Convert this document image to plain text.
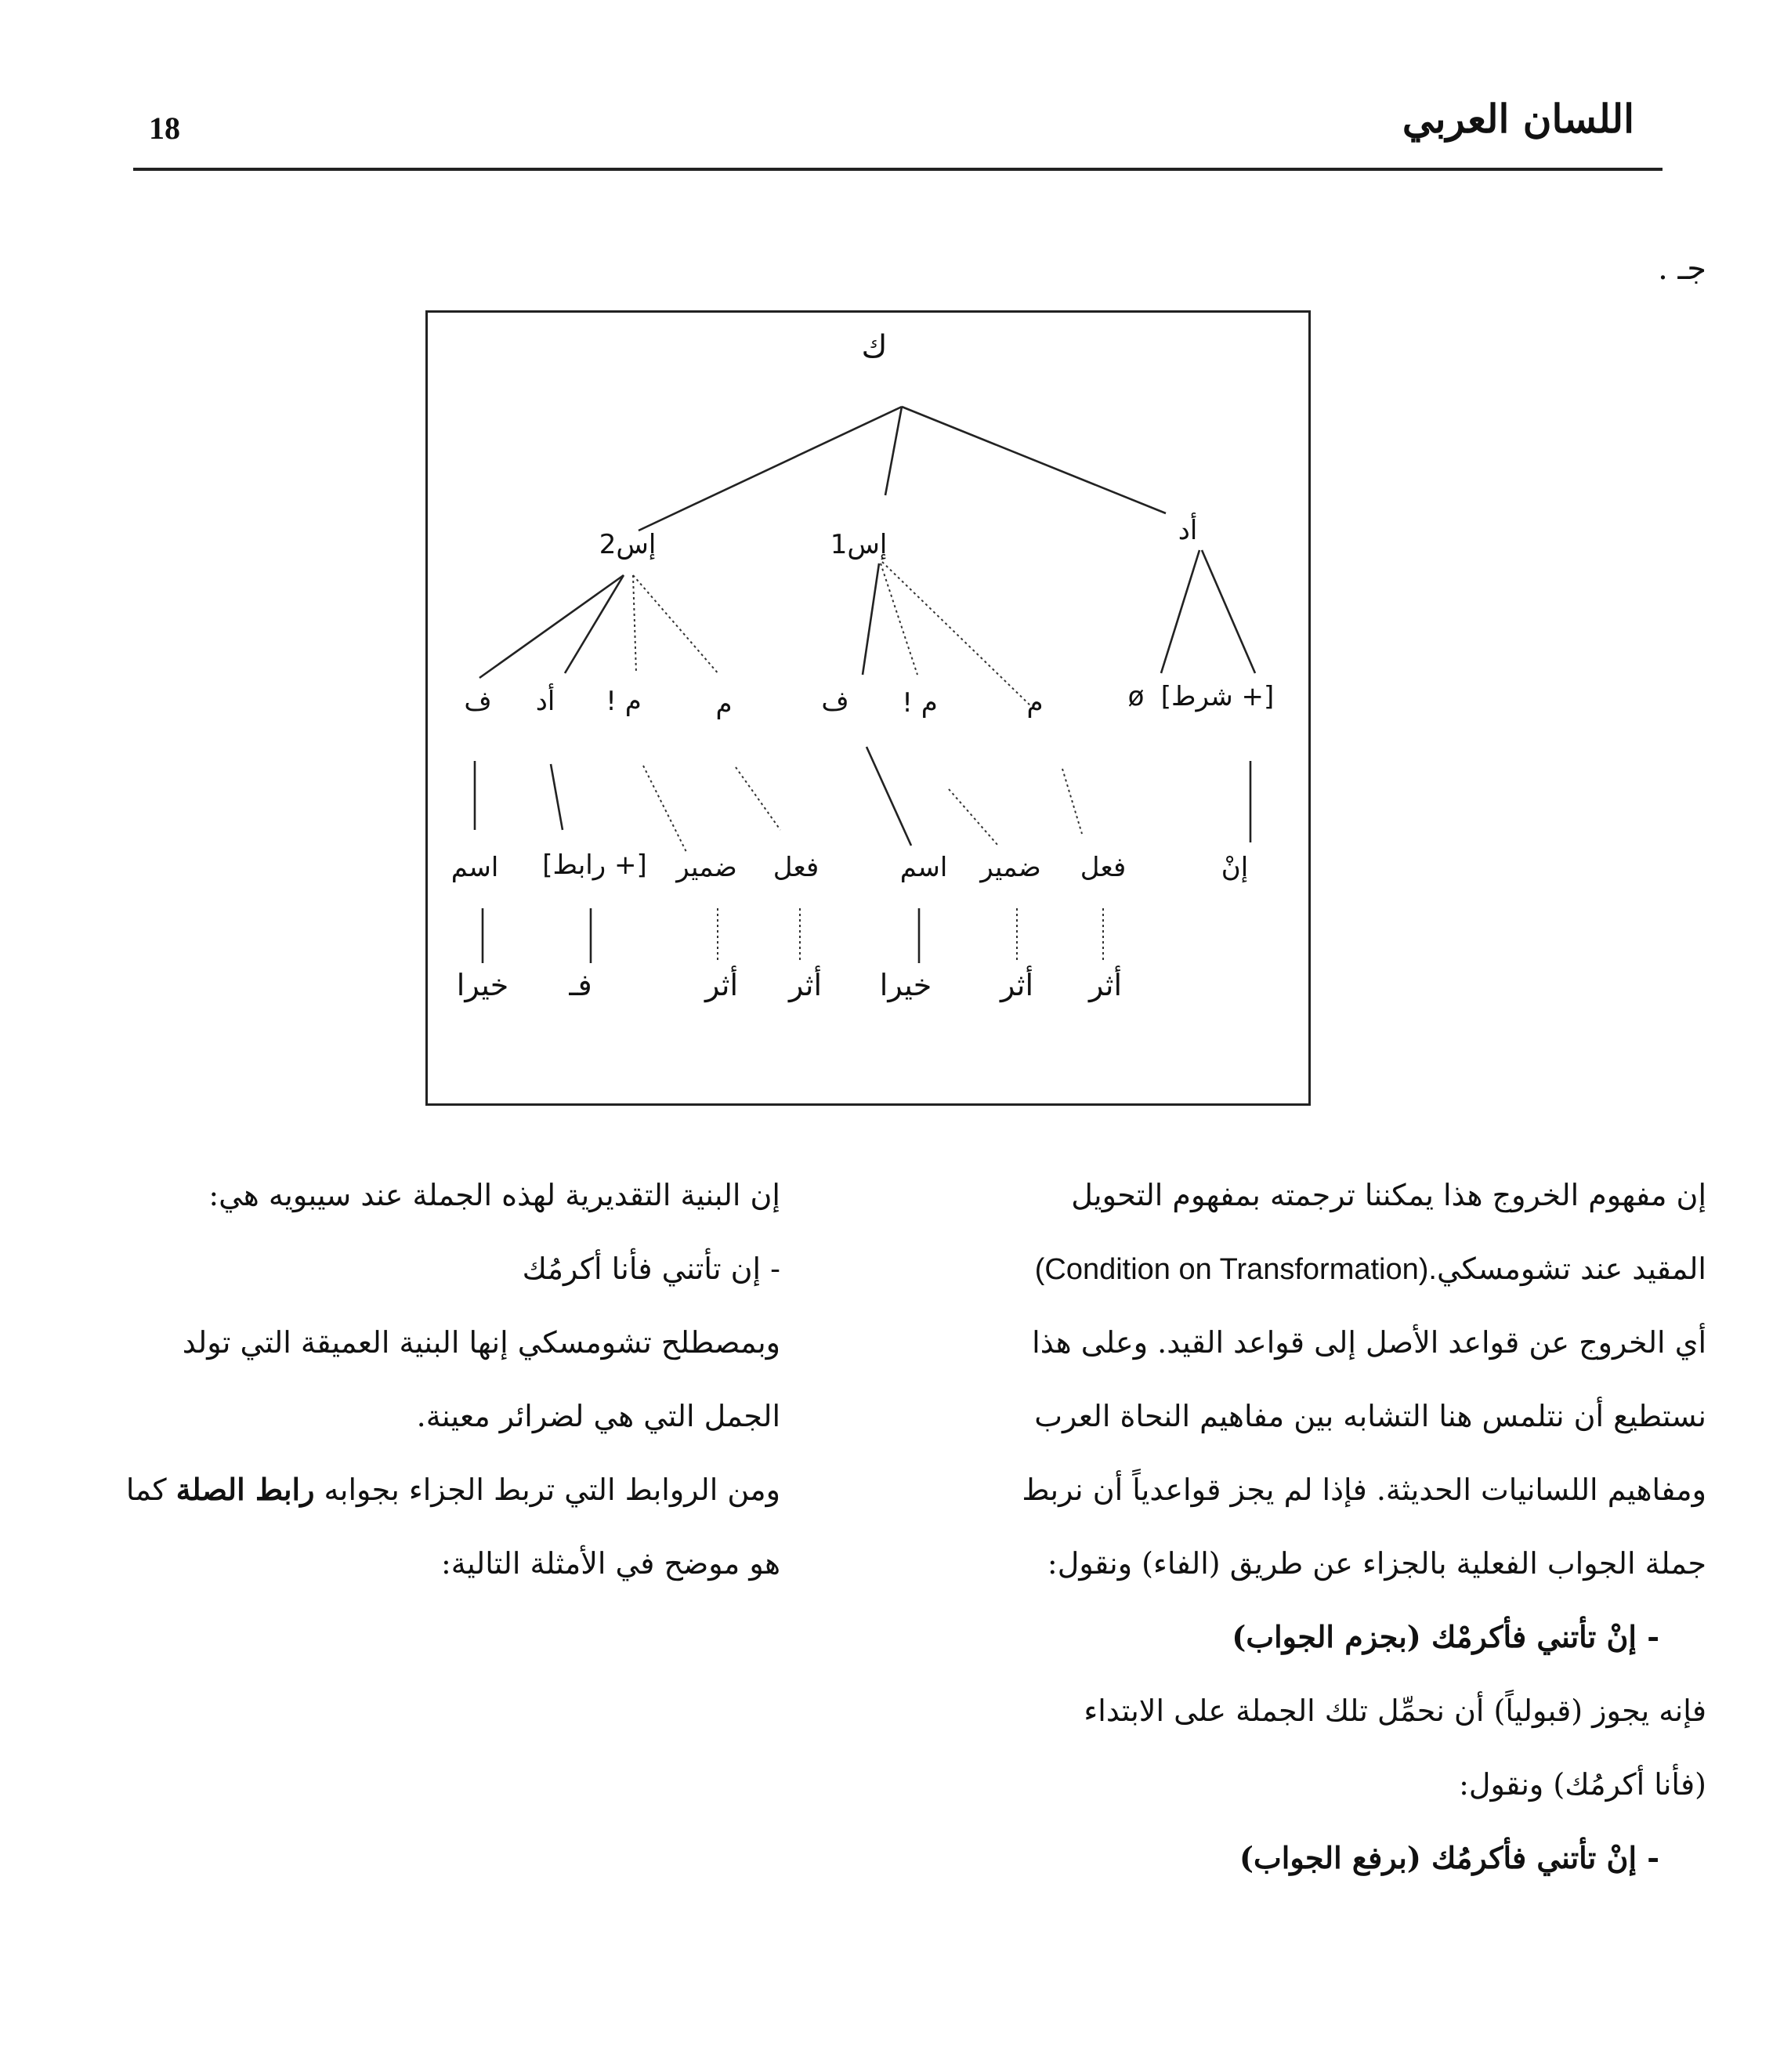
18	اللسان العربي
جـ .
ك
أد
إس1
إس2
[+ شرط]
ø
م
م !
ف
م
م !
أد
ف
إنْ
فعل
ضمير
اسم
فعل
ضمير
[+ رابط]
اسم
أثر
أثر
خيرا
أثر
أثر
فـ
خيرا

إن مفهوم الخروج هذا يمكننا ترجمته بمفهوم التحويل

المقيد عند تشومسكي(Condition on Transformation).

أي الخروج عن قواعد الأصل إلى قواعد القيد. وعلى هذا

نستطيع أن نتلمس هنا التشابه بين مفاهيم النحاة العرب

ومفاهيم اللسانيات الحديثة. فإذا لم يجز قواعدياً أن نربط

جملة الجواب الفعلية بالجزاء عن طريق (الفاء) ونقول:

- إنْ تأتني فأكرمْك (بجزم الجواب)

فإنه يجوز (قبولياً) أن نحمِّل تلك الجملة على الابتداء

(فأنا أكرمُك) ونقول:

- إنْ تأتني فأكرمُك (برفع الجواب)

إن البنية التقديرية لهذه الجملة عند سيبويه هي:

- إن تأتني فأنا أكرمُك

وبمصطلح تشومسكي إنها البنية العميقة التي تولد

الجمل التي هي لضرائر معينة.

ومن الروابط التي تربط الجزاء بجوابه رابط الصلة كما

هو موضح في الأمثلة التالية:
